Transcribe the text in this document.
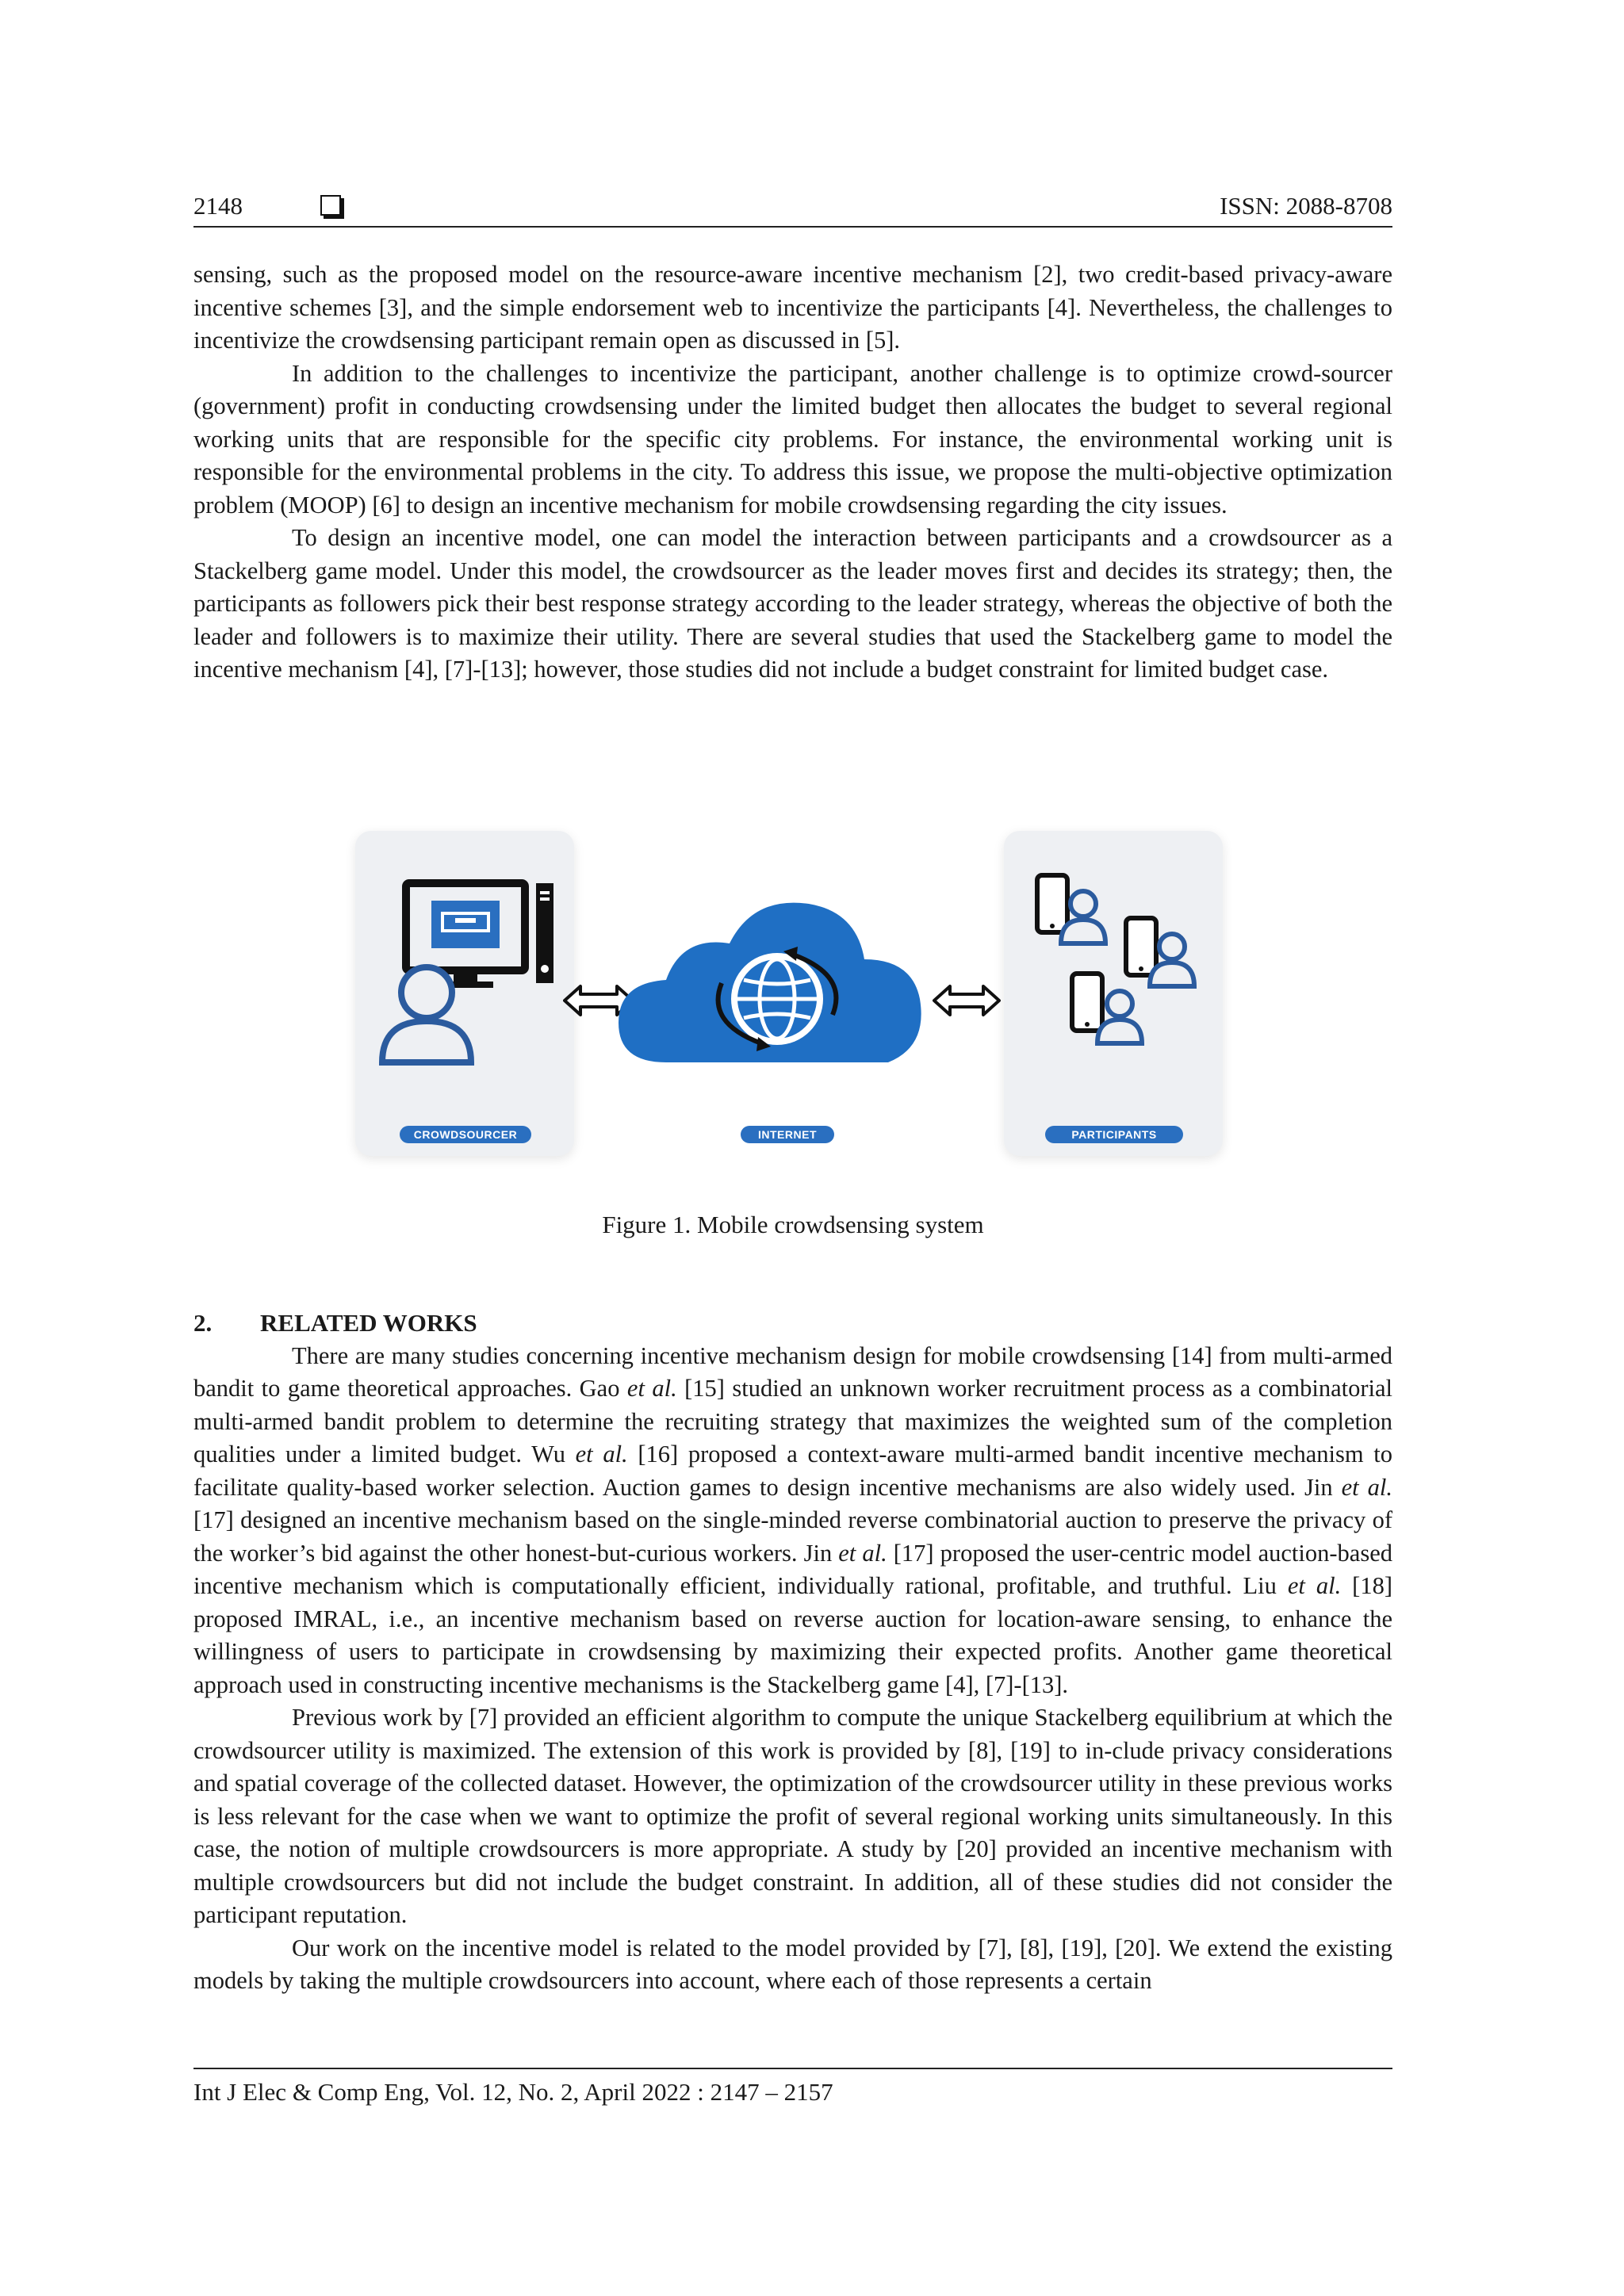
2148	ISSN: 2088-8708

sensing, such as the proposed model on the resource-aware incentive mechanism [2], two credit-based privacy-aware incentive schemes [3], and the simple endorsement web to incentivize the participants [4]. Nevertheless, the challenges to incentivize the crowdsensing participant remain open as discussed in [5].

In addition to the challenges to incentivize the participant, another challenge is to optimize crowd-sourcer (government) profit in conducting crowdsensing under the limited budget then allocates the budget to several regional working units that are responsible for the specific city problems. For instance, the environmental working unit is responsible for the environmental problems in the city. To address this issue, we propose the multi-objective optimization problem (MOOP) [6] to design an incentive mechanism for mobile crowdsensing regarding the city issues.

To design an incentive model, one can model the interaction between participants and a crowdsourcer as a Stackelberg game model. Under this model, the crowdsourcer as the leader moves first and decides its strategy; then, the participants as followers pick their best response strategy according to the leader strategy, whereas the objective of both the leader and followers is to maximize their utility. There are several studies that used the Stackelberg game to model the incentive mechanism [4], [7]-[13]; however, those studies did not include a budget constraint for limited budget case.

CROWDSOURCER	INTERNET	PARTICIPANTS
Figure 1. Mobile crowdsensing system

2. RELATED WORKS

There are many studies concerning incentive mechanism design for mobile crowdsensing [14] from multi-armed bandit to game theoretical approaches. Gao et al. [15] studied an unknown worker recruitment process as a combinatorial multi-armed bandit problem to determine the recruiting strategy that maximizes the weighted sum of the completion qualities under a limited budget. Wu et al. [16] proposed a context-aware multi-armed bandit incentive mechanism to facilitate quality-based worker selection. Auction games to design incentive mechanisms are also widely used. Jin et al. [17] designed an incentive mechanism based on the single-minded reverse combinatorial auction to preserve the privacy of the worker’s bid against the other honest-but-curious workers. Jin et al. [17] proposed the user-centric model auction-based incentive mechanism which is computationally efficient, individually rational, profitable, and truthful. Liu et al. [18] proposed IMRAL, i.e., an incentive mechanism based on reverse auction for location-aware sensing, to enhance the willingness of users to participate in crowdsensing by maximizing their expected profits. Another game theoretical approach used in constructing incentive mechanisms is the Stackelberg game [4], [7]-[13].

Previous work by [7] provided an efficient algorithm to compute the unique Stackelberg equilibrium at which the crowdsourcer utility is maximized. The extension of this work is provided by [8], [19] to in-clude privacy considerations and spatial coverage of the collected dataset. However, the optimization of the crowdsourcer utility in these previous works is less relevant for the case when we want to optimize the profit of several regional working units simultaneously. In this case, the notion of multiple crowdsourcers is more appropriate. A study by [20] provided an incentive mechanism with multiple crowdsourcers but did not include the budget constraint. In addition, all of these studies did not consider the participant reputation.

Our work on the incentive model is related to the model provided by [7], [8], [19], [20]. We extend the existing models by taking the multiple crowdsourcers into account, where each of those represents a certain

Int J Elec & Comp Eng, Vol. 12, No. 2, April 2022 : 2147 – 2157
